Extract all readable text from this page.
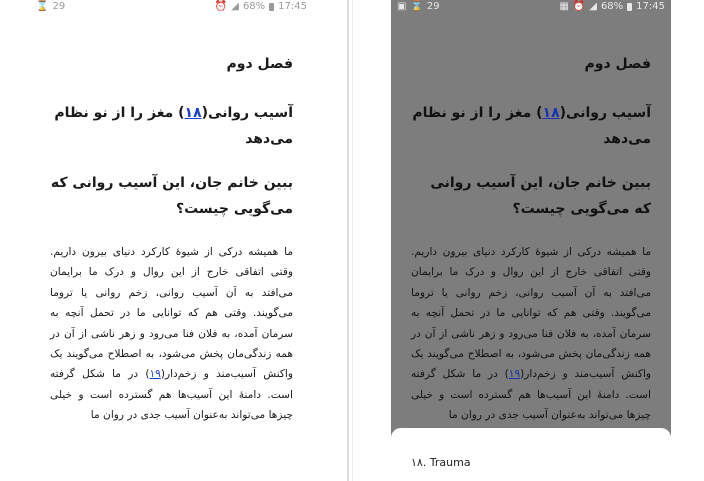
⌛ 29	⏰ ◢ 68% 17:45
فصل دوم
آسیب روانی(۱۸) مغز را از نو نظام می‌دهد
ببین خانم جان، این آسیب روانی که می‌گویی چیست؟

ما همیشه درکی از شیوهٔ کارکرد دنیای بیرون داریم. وقتی اتفاقی خارج از این روال و درک ما برایمان می‌افتد به آن آسیب روانی، زخم روانی یا تروما می‌گویند. وقتی هم که توانایی ما در تحمل آنچه به سرمان آمده، به فلان فنا می‌رود و زهر ناشی از آن در همه زندگی‌مان پخش می‌شود، به اصطلاح می‌گویند یک واکنش آسیب‌مند و زخم‌دار(۱۹) در ما شکل گرفته است. دامنهٔ این آسیب‌ها هم گسترده است و خیلی چیزها می‌تواند به‌عنوان آسیب جدی در روان ما

▣ ⌛ 29	▦ ⏰ ◢ 68% 17:45
فصل دوم
آسیب روانی(۱۸) مغز را از نو نظام می‌دهد
ببین خانم جان، این آسیب روانی که می‌گویی چیست؟

ما همیشه درکی از شیوهٔ کارکرد دنیای بیرون داریم. وقتی اتفاقی خارج از این روال و درک ما برایمان می‌افتد به آن آسیب روانی، زخم روانی یا تروما می‌گویند. وقتی هم که توانایی ما در تحمل آنچه به سرمان آمده، به فلان فنا می‌رود و زهر ناشی از آن در همه زندگی‌مان پخش می‌شود، به اصطلاح می‌گویند یک واکنش آسیب‌مند و زخم‌دار(۱۹) در ما شکل گرفته است. دامنهٔ این آسیب‌ها هم گسترده است و خیلی چیزها می‌تواند به‌عنوان آسیب جدی در روان ما

۱۸. Trauma
